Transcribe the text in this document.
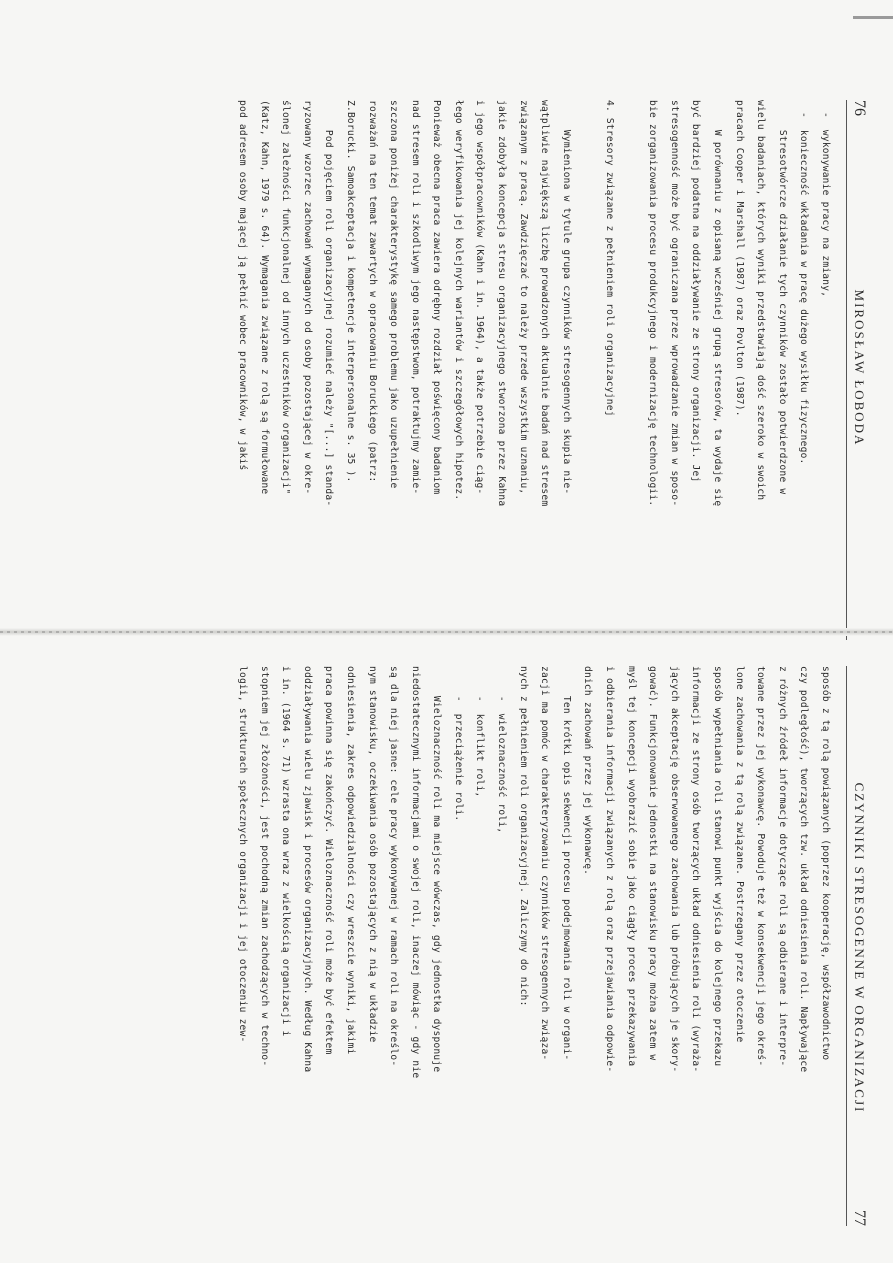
76
MIROSŁAW ŁOBODA
-  wykonywanie pracy na zmiany,
-  konieczność wkładania w pracę dużego wysiłku fizycznego.
Stresotwórcze działanie tych czynników zostało potwierdzone w
wielu badaniach, których wyniki przedstawiają dość szeroko w swoich
pracach Cooper i Marshall (1987) oraz Povlton (1987).
W porównaniu z opisaną wcześniej grupą stresorów, ta wydaje się
być bardziej podatna na oddziaływanie ze strony organizacji. Jej
stresogenność może być ograniczana przez wprowadzanie zmian w sposo-
bie zorganizowania procesu produkcyjnego i modernizację technologii.
4. Stresory związane z pełnieniem roli organizacyjnej
Wymieniona w tytule grupa czynników stresogennych skupia nie-
wątpliwie największą liczbę prowadzonych aktualnie badań nad stresem
związanym z pracą. Zawdzięczać to należy przede wszystkim uznaniu,
jakie zdobyła koncepcja stresu organizacyjnego stworzona przez Kahna
i jego współpracowników (Kahn i in. 1964), a także potrzebie ciąg-
łego weryfikowania jej kolejnych wariantów i szczegółowych hipotez.
Ponieważ obecna praca zawiera odrębny rozdział poświęcony badaniom
nad stresem roli i szkodliwym jego następstwom, potraktujmy zamie-
szczona poniżej charakterystykę samego problemu jako uzupełnienie
rozważań na ten temat zawartych w opracowaniu Boruckiego (patrz:
Z.Borucki. Samoakceptacja i kompetencje interpersonalne s. 35 ).
Pod pojęciem roli organizacyjnej rozumieć należy "[...] standa-
ryzowany wzorzec zachowań wymaganych od osoby pozostającej w okre-
ślonej zależności funkcjonalnej od innych uczestników organizacji"
(Katz, Kahn, 1979 s. 64). Wymagania związane z rolą są formułowane
pod adresem osoby mającej ją pełnić wobec pracowników, w jakiś
CZYNNIKI STRESOGENNE W ORGANIZACJI
77
sposób z tą rolą powiązanych (poprzez kooperację, współzawodnictwo
czy podległość), tworzących tzw. układ odniesienia roli. Napływające
z różnych źródeł informacje dotyczące roli są odbierane i interpre-
towane przez jej wykonawcę. Powoduje też w konsekwencji jego okreś-
lone zachowania z tą rolą związane. Postrzegany przez otoczenie
sposób wypełniania roli stanowi punkt wyjścia do kolejnego przekazu
informacji ze strony osób tworzących układ odniesienia roli (wyraża-
jących akceptację obserwowanego zachowania lub próbujących je skory-
gować). Funkcjonowanie jednostki na stanowisku pracy można zatem w
myśl tej koncepcji wyobrazić sobie jako ciągły proces przekazywania
i odbierania informacji związanych z rolą oraz przejawiania odpowie-
dnich zachowań przez jej wykonawcę.
Ten krótki opis sekwencji procesu podejmowania roli w organi-
zacji ma pomóc w charakteryzowaniu czynników stresogennych związa-
nych z pełnieniem roli organizacyjnej. Zaliczymy do nich:
-  wieloznaczność roli,
-  konflikt roli,
-  przeciążenie roli.
Wieloznaczność roli ma miejsce wówczas, gdy jednostka dysponuje
niedostatecznymi informacjami o swojej roli, inaczej mówiąc - gdy nie
są dla niej jasne: cele pracy wykonywanej w ramach roli na określo-
nym stanowisku, oczekiwania osób pozostających z nią w układzie
odniesienia, zakres odpowiedzialności czy wreszcie wyniki, jakimi
praca powinna się zakończyć. Wieloznaczność roli może być efektem
oddziaływania wielu zjawisk i procesów organizacyjnych. Według Kahna
i in. (1964 s. 71) wzrasta ona wraz z wielkością organizacji i
stopniem jej złożoności, jest pochodną zmian zachodzących w techno-
logii, strukturach społecznych organizacji i jej otoczeniu zew-
